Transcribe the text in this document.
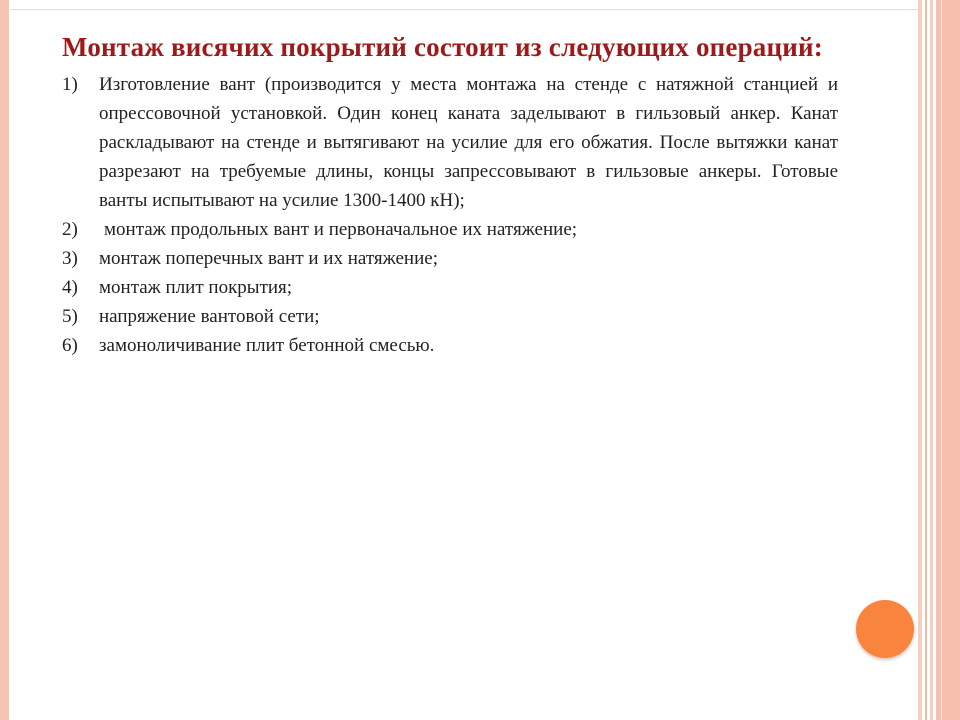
Монтаж висячих покрытий состоит из следующих операций:
1)	Изготовление вант (производится у места монтажа на стенде с натяжной станцией и опрессовочной установкой. Один конец каната заделывают в гильзовый анкер. Канат раскладывают на стенде и вытягивают на усилие для его обжатия. После вытяжки канат разрезают на требуемые длины, концы запрессовывают в гильзовые анкеры. Готовые ванты испытывают на усилие 1300-1400 кН);
2)	монтаж продольных вант и первоначальное их натяжение;
3)	монтаж поперечных вант и их натяжение;
4)	монтаж плит покрытия;
5)	напряжение вантовой сети;
6)	замоноличивание плит бетонной смесью.
